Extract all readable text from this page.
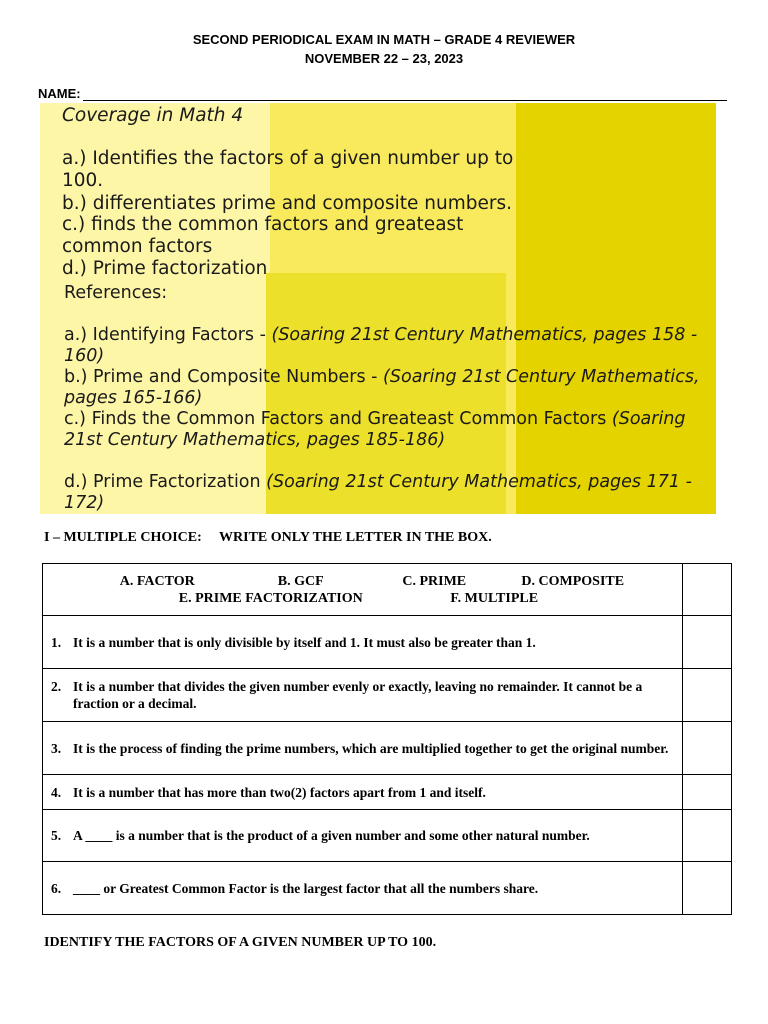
SECOND PERIODICAL EXAM IN MATH – GRADE 4 REVIEWER
NOVEMBER 22 – 23, 2023
NAME:
Coverage in Math 4
a.) Identifies the factors of a given number up to
100.
b.) differentiates prime and composite numbers.
c.) finds the common factors and greateast
common factors
d.) Prime factorization
References:
a.) Identifying Factors - (Soaring 21st Century Mathematics, pages 158 - 160)
b.) Prime and Composite Numbers - (Soaring 21st Century Mathematics, pages 165-166)
c.) Finds the Common Factors and Greateast Common Factors (Soaring 21st Century Mathematics, pages 185-186)
d.) Prime Factorization (Soaring 21st Century Mathematics, pages 171 - 172)
I – MULTIPLE CHOICE:     WRITE ONLY THE LETTER IN THE BOX.
A. FACTOR B. GCF C. PRIME D. COMPOSITE
E. PRIME FACTORIZATION F. MULTIPLE	

1. It is a number that is only divisible by itself and 1. It must also be greater than 1.	
2. It is a number that divides the given number evenly or exactly, leaving no remainder. It cannot be a fraction or a decimal.	
3. It is the process of finding the prime numbers, which are multiplied together to get the original number.	
4. It is a number that has more than two(2) factors apart from 1 and itself.	
5. A ____ is a number that is the product of a given number and some other natural number.	
6. ____ or Greatest Common Factor is the largest factor that all the numbers share.	
IDENTIFY THE FACTORS OF A GIVEN NUMBER UP TO 100.
